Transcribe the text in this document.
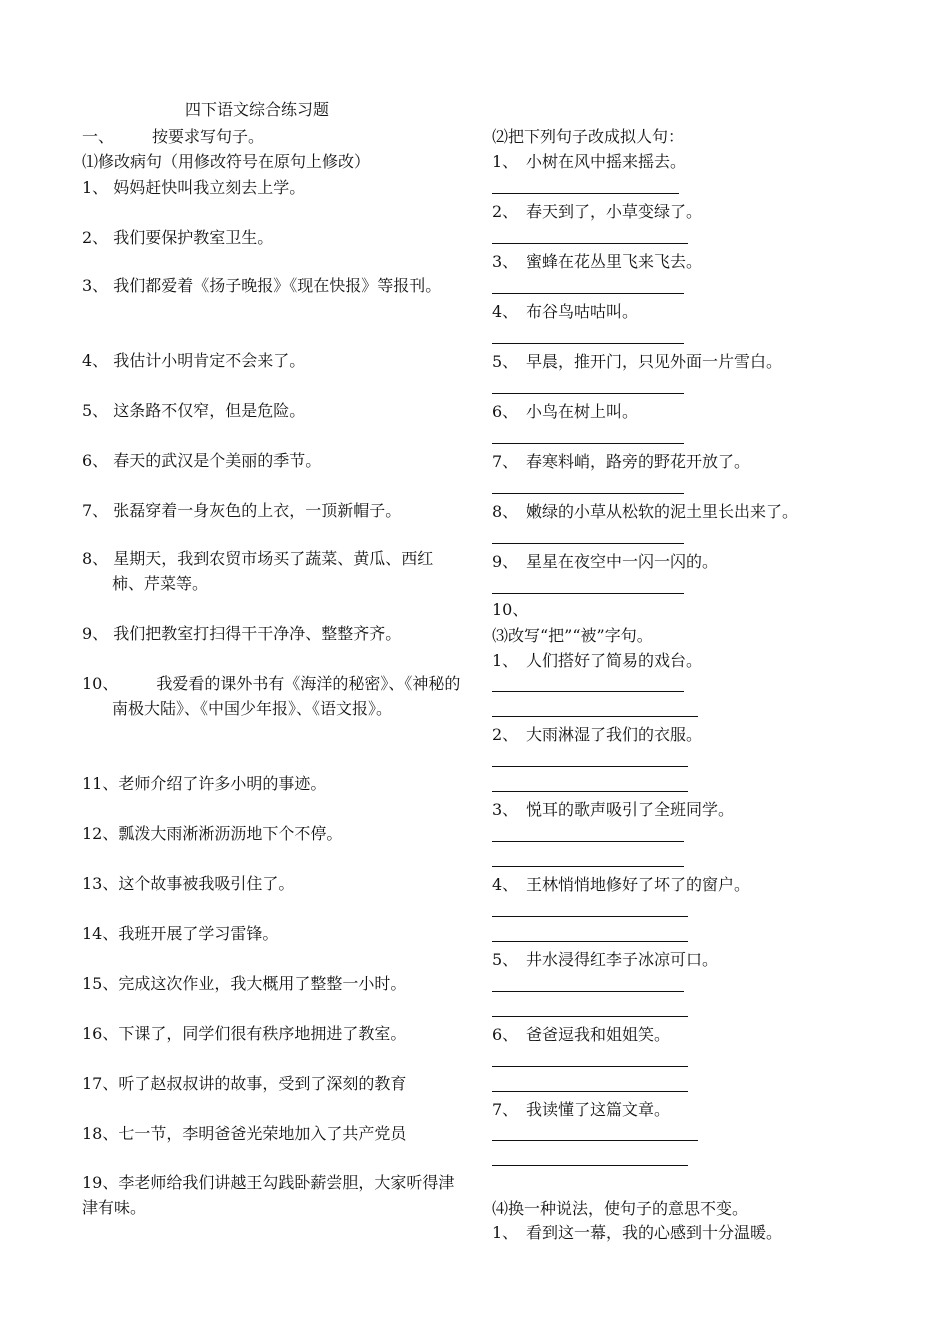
四下语文综合练习题
一、 按要求写句子。
⑴修改病句（用修改符号在原句上修改）
1、 妈妈赶快叫我立刻去上学。
2、 我们要保护教室卫生。
3、 我们都爱着《扬子晚报》《现在快报》等报刊。
4、 我估计小明肯定不会来了。
5、 这条路不仅窄，但是危险。
6、 春天的武汉是个美丽的季节。
7、 张磊穿着一身灰色的上衣，一顶新帽子。
8、 星期天，我到农贸市场买了蔬菜、黄瓜、西红柿、芹菜等。
9、 我们把教室打扫得干干净净、整整齐齐。
10、 我爱看的课外书有《海洋的秘密》、《神秘的南极大陆》、《中国少年报》、《语文报》。
11、老师介绍了许多小明的事迹。
12、瓢泼大雨淅淅沥沥地下个不停。
13、这个故事被我吸引住了。
14、我班开展了学习雷锋。
15、完成这次作业，我大概用了整整一小时。
16、下课了，同学们很有秩序地拥进了教室。
17、听了赵叔叔讲的故事，受到了深刻的教育
18、七一节，李明爸爸光荣地加入了共产党员
19、李老师给我们讲越王勾践卧薪尝胆，大家听得津津有味。
⑵把下列句子改成拟人句：
1、 小树在风中摇来摇去。
2、 春天到了，小草变绿了。
3、 蜜蜂在花丛里飞来飞去。
4、 布谷鸟咕咕叫。
5、 早晨，推开门，只见外面一片雪白。
6、 小鸟在树上叫。
7、 春寒料峭，路旁的野花开放了。
8、 嫩绿的小草从松软的泥土里长出来了。
9、 星星在夜空中一闪一闪的。
10、
⑶改写“把”“被”字句。
1、 人们搭好了简易的戏台。
2、 大雨淋湿了我们的衣服。
3、 悦耳的歌声吸引了全班同学。
4、 王林悄悄地修好了坏了的窗户。
5、 井水浸得红李子冰凉可口。
6、 爸爸逗我和姐姐笑。
7、 我读懂了这篇文章。
⑷换一种说法，使句子的意思不变。
1、 看到这一幕，我的心感到十分温暖。
